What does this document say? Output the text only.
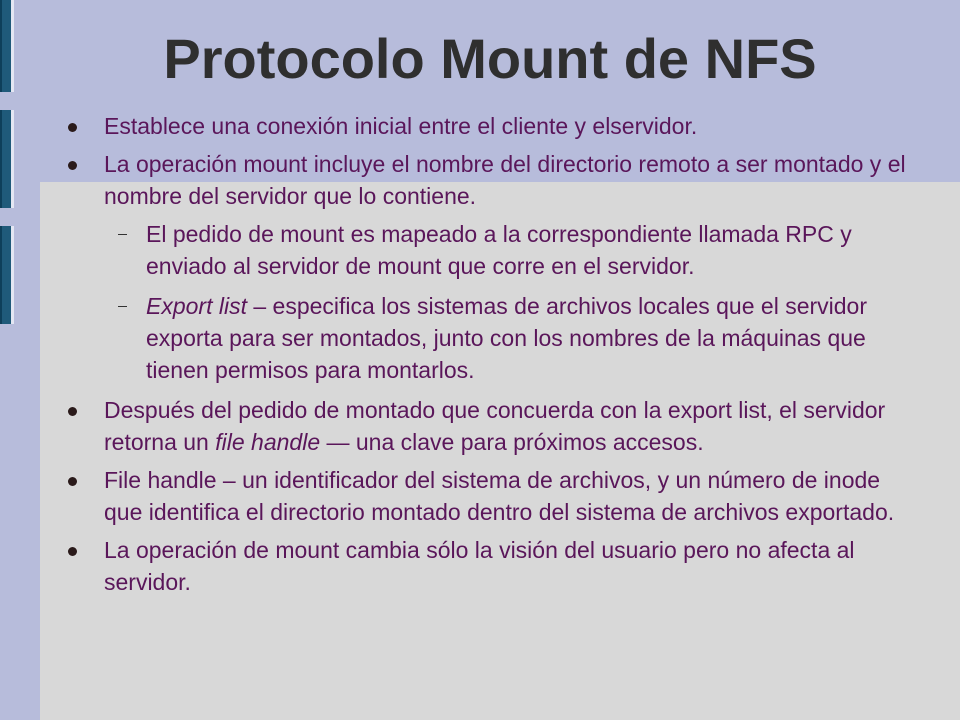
Protocolo Mount de NFS
Establece una conexión inicial entre el cliente y elservidor.
La operación mount incluye el nombre del directorio remoto a ser montado y el nombre del servidor que lo contiene.
El pedido de mount es mapeado a la correspondiente llamada RPC y enviado al servidor de mount que corre en el servidor.
Export list – especifica los sistemas de archivos locales que el servidor exporta para ser montados, junto con los nombres de la máquinas que tienen permisos para montarlos.
Después del pedido de montado que concuerda con la export list, el servidor retorna un file handle — una clave para próximos accesos.
File handle – un identificador del sistema de archivos, y un número de inode que identifica el directorio montado dentro del sistema de archivos exportado.
La operación de mount cambia sólo la visión del usuario pero no afecta al servidor.
